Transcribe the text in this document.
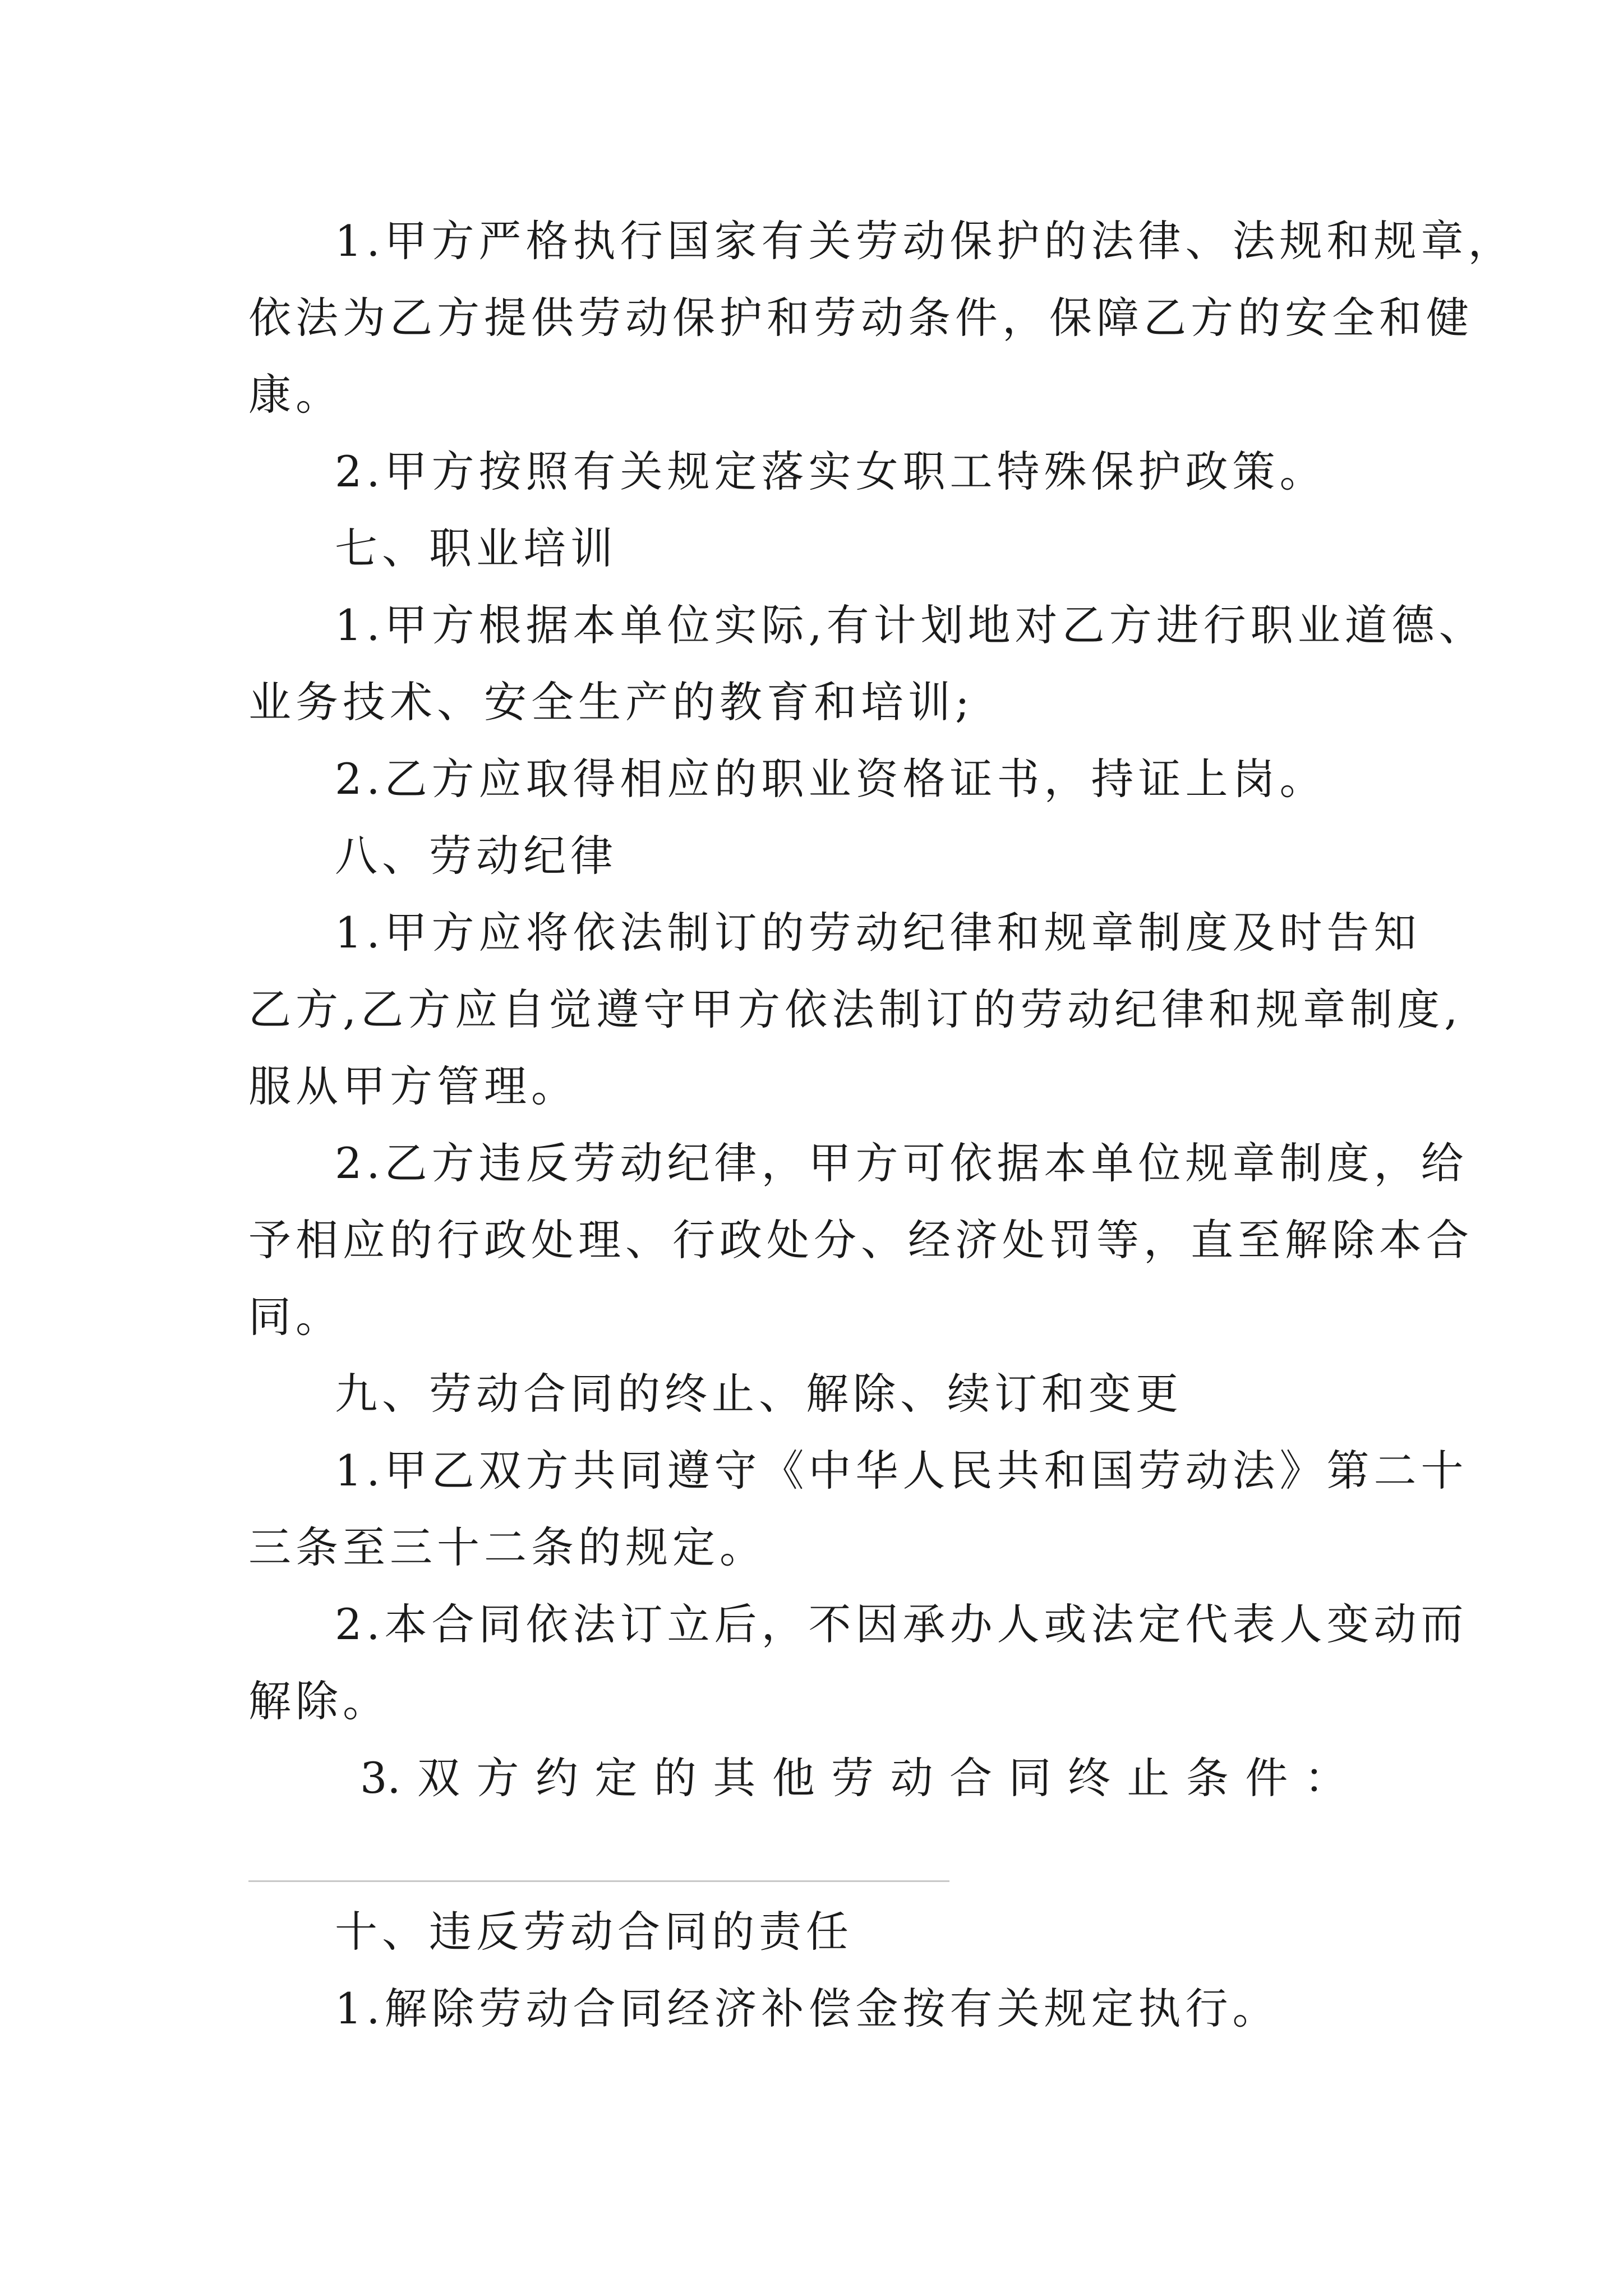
1.甲方严格执行国家有关劳动保护的法律、法规和规章，

依法为乙方提供劳动保护和劳动条件，保障乙方的安全和健

康。

2.甲方按照有关规定落实女职工特殊保护政策。

七、职业培训

1.甲方根据本单位实际,有计划地对乙方进行职业道德、

业务技术、安全生产的教育和培训;

2.乙方应取得相应的职业资格证书，持证上岗。

八、劳动纪律

1.甲方应将依法制订的劳动纪律和规章制度及时告知

乙方,乙方应自觉遵守甲方依法制订的劳动纪律和规章制度,

服从甲方管理。

2.乙方违反劳动纪律，甲方可依据本单位规章制度，给

予相应的行政处理、行政处分、经济处罚等，直至解除本合

同。

九、劳动合同的终止、解除、续订和变更

1.甲乙双方共同遵守《中华人民共和国劳动法》第二十

三条至三十二条的规定。

2.本合同依法订立后，不因承办人或法定代表人变动而

解除。

3. 双 方 约 定 的 其 他 劳 动 合 同 终 止 条 件 ：

十、违反劳动合同的责任

1.解除劳动合同经济补偿金按有关规定执行。
